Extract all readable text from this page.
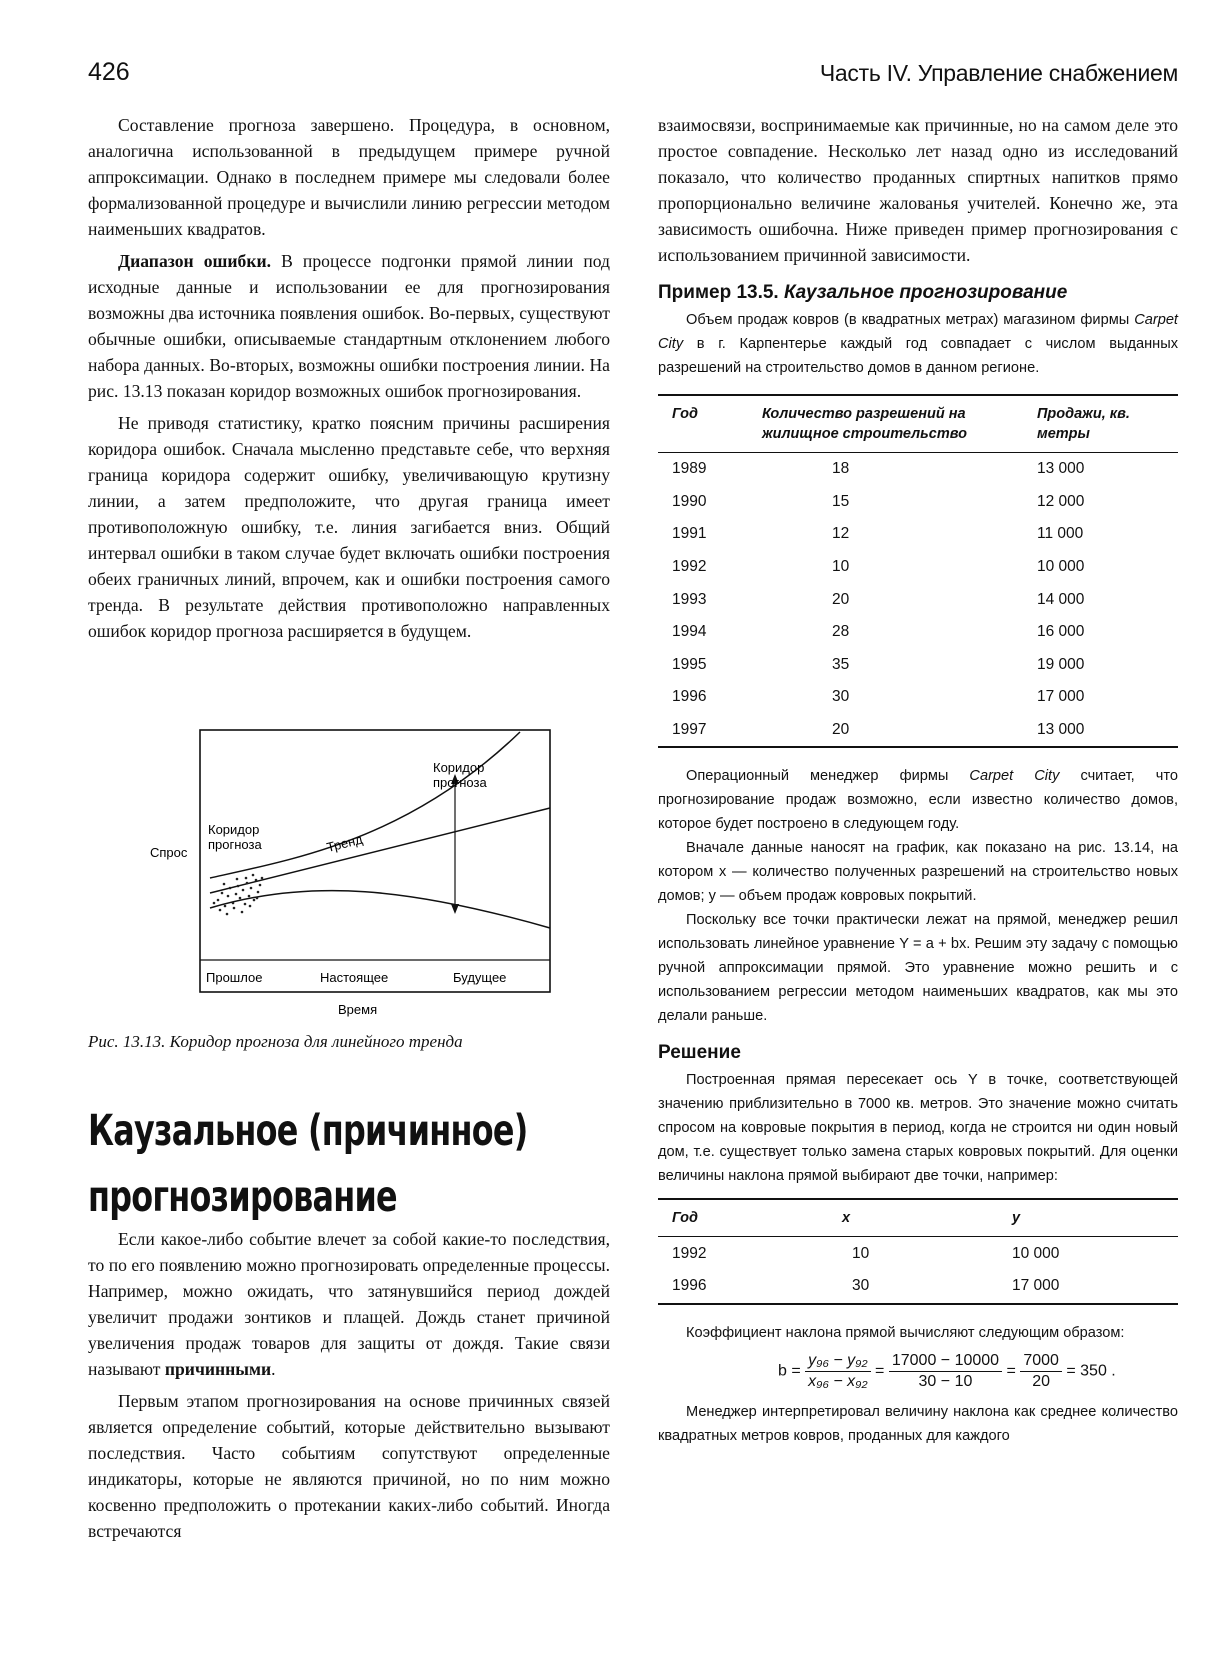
426	Часть IV. Управление снабжением

Составление прогноза завершено. Процедура, в основном, аналогична использованной в предыдущем примере ручной аппроксимации. Однако в последнем примере мы следовали более формализованной процедуре и вычислили линию регрессии методом наименьших квадратов.

Диапазон ошибки. В процессе подгонки прямой линии под исходные данные и использовании ее для прогнозирования возможны два источника появления ошибок. Во-первых, существуют обычные ошибки, описываемые стандартным отклонением любого набора данных. Во-вторых, возможны ошибки построения линии. На рис. 13.13 показан коридор возможных ошибок прогнозирования.

Не приводя статистику, кратко поясним причины расширения коридора ошибок. Сначала мысленно представьте себе, что верхняя граница коридора содержит ошибку, увеличивающую крутизну линии, а затем предположите, что другая граница имеет противоположную ошибку, т.е. линия загибается вниз. Общий интервал ошибки в таком случае будет включать ошибки построения обеих граничных линий, впрочем, как и ошибки построения самого тренда. В результате действия противоположно направленных ошибок коридор прогноза расширяется в будущем.

Спрос
Коридор
прогноза
Коридор
прогноза
Тренд
Прошлое	Настоящее	Будущее
Время
Рис. 13.13. Коридор прогноза для линейного тренда
Каузальное (причинное)
прогнозирование

Если какое-либо событие влечет за собой какие-то последствия, то по его появлению можно прогнозировать определенные процессы. Например, можно ожидать, что затянувшийся период дождей увеличит продажи зонтиков и плащей. Дождь станет причиной увеличения продаж товаров для защиты от дождя. Такие связи называют причинными.

Первым этапом прогнозирования на основе причинных связей является определение событий, которые действительно вызывают последствия. Часто событиям сопутствуют определенные индикаторы, которые не являются причиной, но по ним можно косвенно предположить о протекании каких-либо событий. Иногда встречаются

взаимосвязи, воспринимаемые как причинные, но на самом деле это простое совпадение. Несколько лет назад одно из исследований показало, что количество проданных спиртных напитков прямо пропорционально величине жалованья учителей. Конечно же, эта зависимость ошибочна. Ниже приведен пример прогнозирования с использованием причинной зависимости.

Пример 13.5. Каузальное прогнозирование

Объем продаж ковров (в квадратных метрах) магазином фирмы Carpet City в г. Карпентерье каждый год совпадает с числом выданных разрешений на строительство домов в данном регионе.

Год	Количество разрешений на жилищное строительство	Продажи, кв. метры
1989	18	13 000
1990	15	12 000
1991	12	11 000
1992	10	10 000
1993	20	14 000
1994	28	16 000
1995	35	19 000
1996	30	17 000
1997	20	13 000

Операционный менеджер фирмы Carpet City считает, что прогнозирование продаж возможно, если известно количество домов, которое будет построено в следующем году.

Вначале данные наносят на график, как показано на рис. 13.14, на котором x — количество полученных разрешений на строительство новых домов; y — объем продаж ковровых покрытий.

Поскольку все точки практически лежат на прямой, менеджер решил использовать линейное уравнение Y = a + bx. Решим эту задачу с помощью ручной аппроксимации прямой. Это уравнение можно решить и с использованием регрессии методом наименьших квадратов, как мы это делали раньше.

Решение

Построенная прямая пересекает ось Y в точке, соответствующей значению приблизительно в 7000 кв. метров. Это значение можно считать спросом на ковровые покрытия в период, когда не строится ни один новый дом, т.е. существует только замена старых ковровых покрытий. Для оценки величины наклона прямой выбирают две точки, например:

Год	x	y
1992	10	10 000
1996	30	17 000

Коэффициент наклона прямой вычисляют следующим образом:

$b = \frac{\text{y₉₆ − y₉₂}}{\text{x₉₆ − x₉₂}} = \frac{17000 - 10000}{30 - 10} = \frac{7000}{20} = 350$ .

Менеджер интерпретировал величину наклона как среднее количество квадратных метров ковров, проданных для каждого
